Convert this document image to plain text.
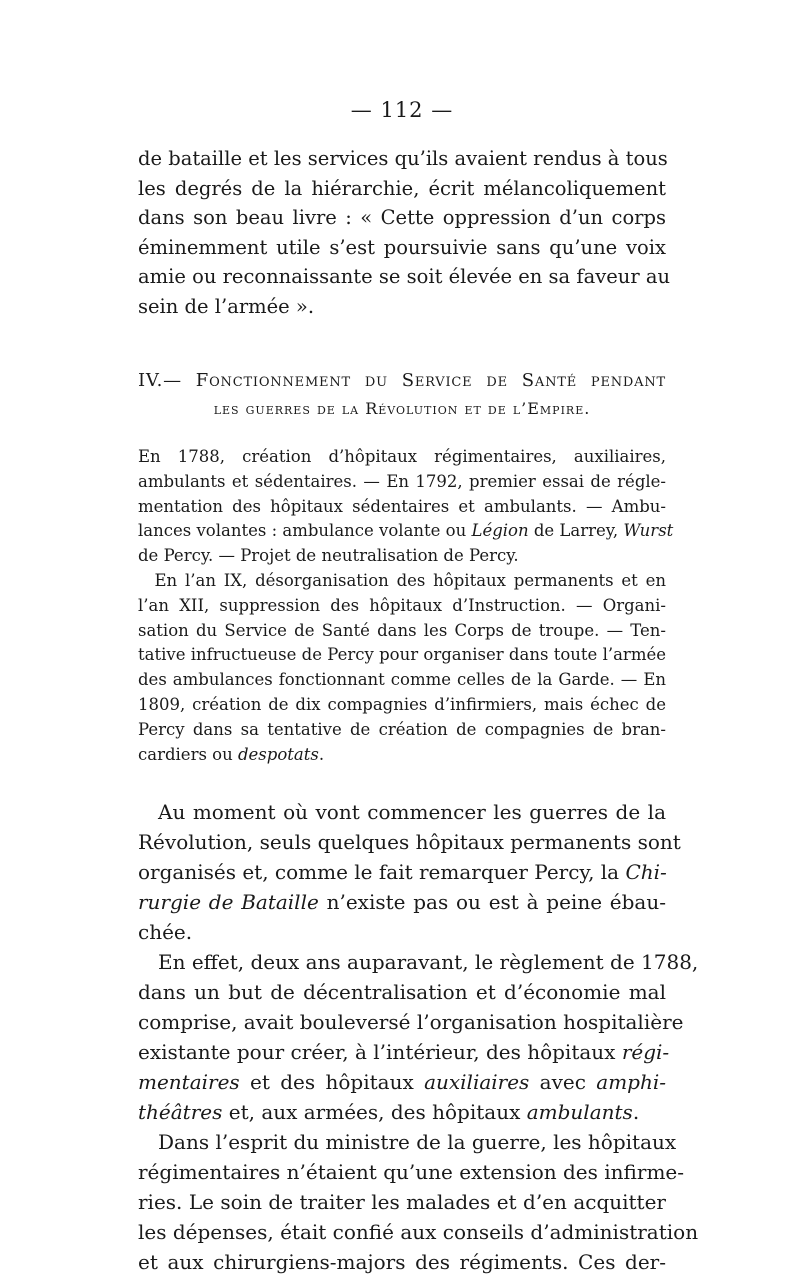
— 112 —
de bataille et les services qu’ils avaient rendus à tous
les degrés de la hiérarchie, écrit mélancoliquement
dans son beau livre : « Cette oppression d’un corps
éminemment utile s’est poursuivie sans qu’une voix
amie ou reconnaissante se soit élevée en sa faveur au
sein de l’armée ».
IV.— Fonctionnement du Service de Santé pendant
les guerres de la Révolution et de l’Empire.
En 1788, création d’hôpitaux régimentaires, auxiliaires,
ambulants et sédentaires. — En 1792, premier essai de régle-
mentation des hôpitaux sédentaires et ambulants. — Ambu-
lances volantes : ambulance volante ou Légion de Larrey, Wurst
de Percy. — Projet de neutralisation de Percy.
 En l’an IX, désorganisation des hôpitaux permanents et en
l’an XII, suppression des hôpitaux d’Instruction. — Organi-
sation du Service de Santé dans les Corps de troupe. — Ten-
tative infructueuse de Percy pour organiser dans toute l’armée
des ambulances fonctionnant comme celles de la Garde. — En
1809, création de dix compagnies d’infirmiers, mais échec de
Percy dans sa tentative de création de compagnies de bran-
cardiers ou despotats.
 Au moment où vont commencer les guerres de la
Révolution, seuls quelques hôpitaux permanents sont
organisés et, comme le fait remarquer Percy, la Chi-
rurgie de Bataille n’existe pas ou est à peine ébau-
chée.
 En effet, deux ans auparavant, le règlement de 1788,
dans un but de décentralisation et d’économie mal
comprise, avait bouleversé l’organisation hospitalière
existante pour créer, à l’intérieur, des hôpitaux régi-
mentaires et des hôpitaux auxiliaires avec amphi-
théâtres et, aux armées, des hôpitaux ambulants.
 Dans l’esprit du ministre de la guerre, les hôpitaux
régimentaires n’étaient qu’une extension des infirme-
ries. Le soin de traiter les malades et d’en acquitter
les dépenses, était confié aux conseils d’administration
et aux chirurgiens-majors des régiments. Ces der-
